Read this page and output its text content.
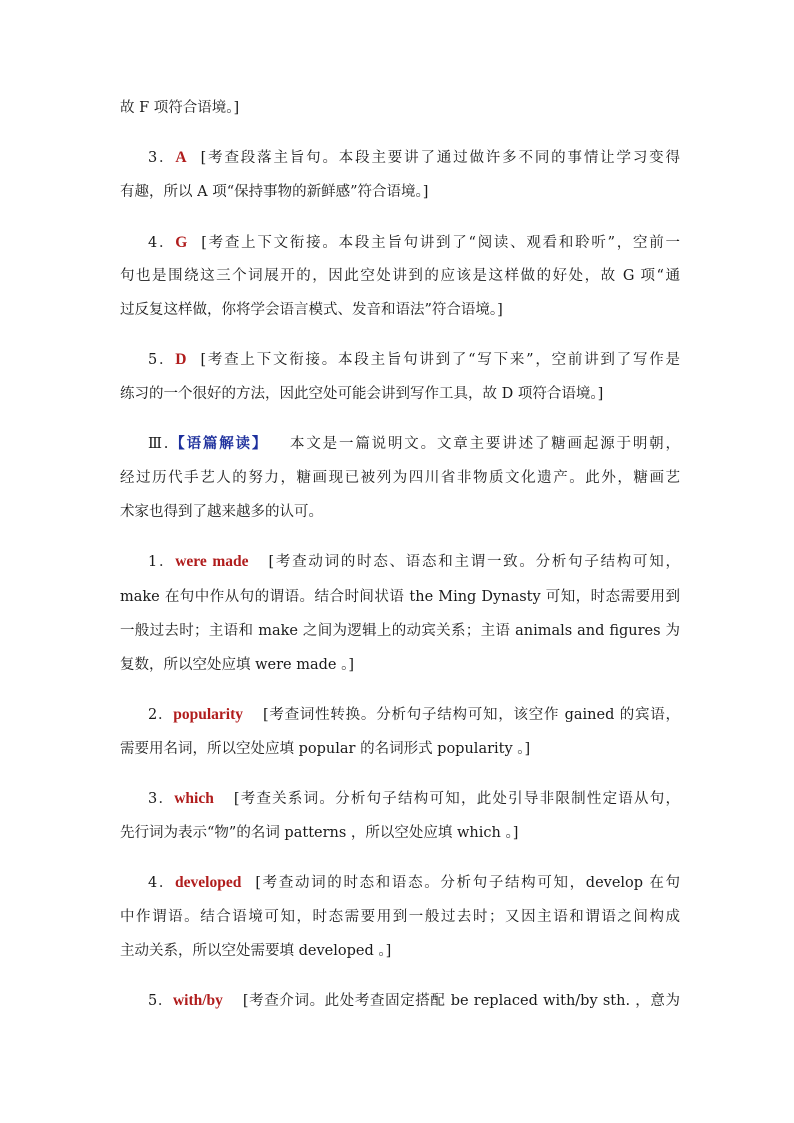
故 F 项符合语境。]
3．A [考查段落主旨句。本段主要讲了通过做许多不同的事情让学习变得
有趣，所以 A 项“保持事物的新鲜感”符合语境。]
4．G [考查上下文衔接。本段主旨句讲到了“阅读、观看和聆听”，空前一
句也是围绕这三个词展开的，因此空处讲到的应该是这样做的好处，故 G 项“通
过反复这样做，你将学会语言模式、发音和语法”符合语境。]
5．D [考查上下文衔接。本段主旨句讲到了“写下来”，空前讲到了写作是
练习的一个很好的方法，因此空处可能会讲到写作工具，故 D 项符合语境。]
Ⅲ.【语篇解读】 本文是一篇说明文。文章主要讲述了糖画起源于明朝，
经过历代手艺人的努力，糖画现已被列为四川省非物质文化遗产。此外，糖画艺
术家也得到了越来越多的认可。
1．were made [考查动词的时态、语态和主谓一致。分析句子结构可知，
make 在句中作从句的谓语。结合时间状语 the Ming Dynasty 可知，时态需要用到
一般过去时；主语和 make 之间为逻辑上的动宾关系；主语 animals and figures 为
复数，所以空处应填 were made 。]
2．popularity [考查词性转换。分析句子结构可知，该空作 gained 的宾语，
需要用名词，所以空处应填 popular 的名词形式 popularity 。]
3．which [考查关系词。分析句子结构可知，此处引导非限制性定语从句，
先行词为表示“物”的名词 patterns ，所以空处应填 which 。]
4．developed [考查动词的时态和语态。分析句子结构可知，develop 在句
中作谓语。结合语境可知，时态需要用到一般过去时；又因主语和谓语之间构成
主动关系，所以空处需要填 developed 。]
5．with/by [考查介词。此处考查固定搭配 be replaced with/by sth. ，意为
